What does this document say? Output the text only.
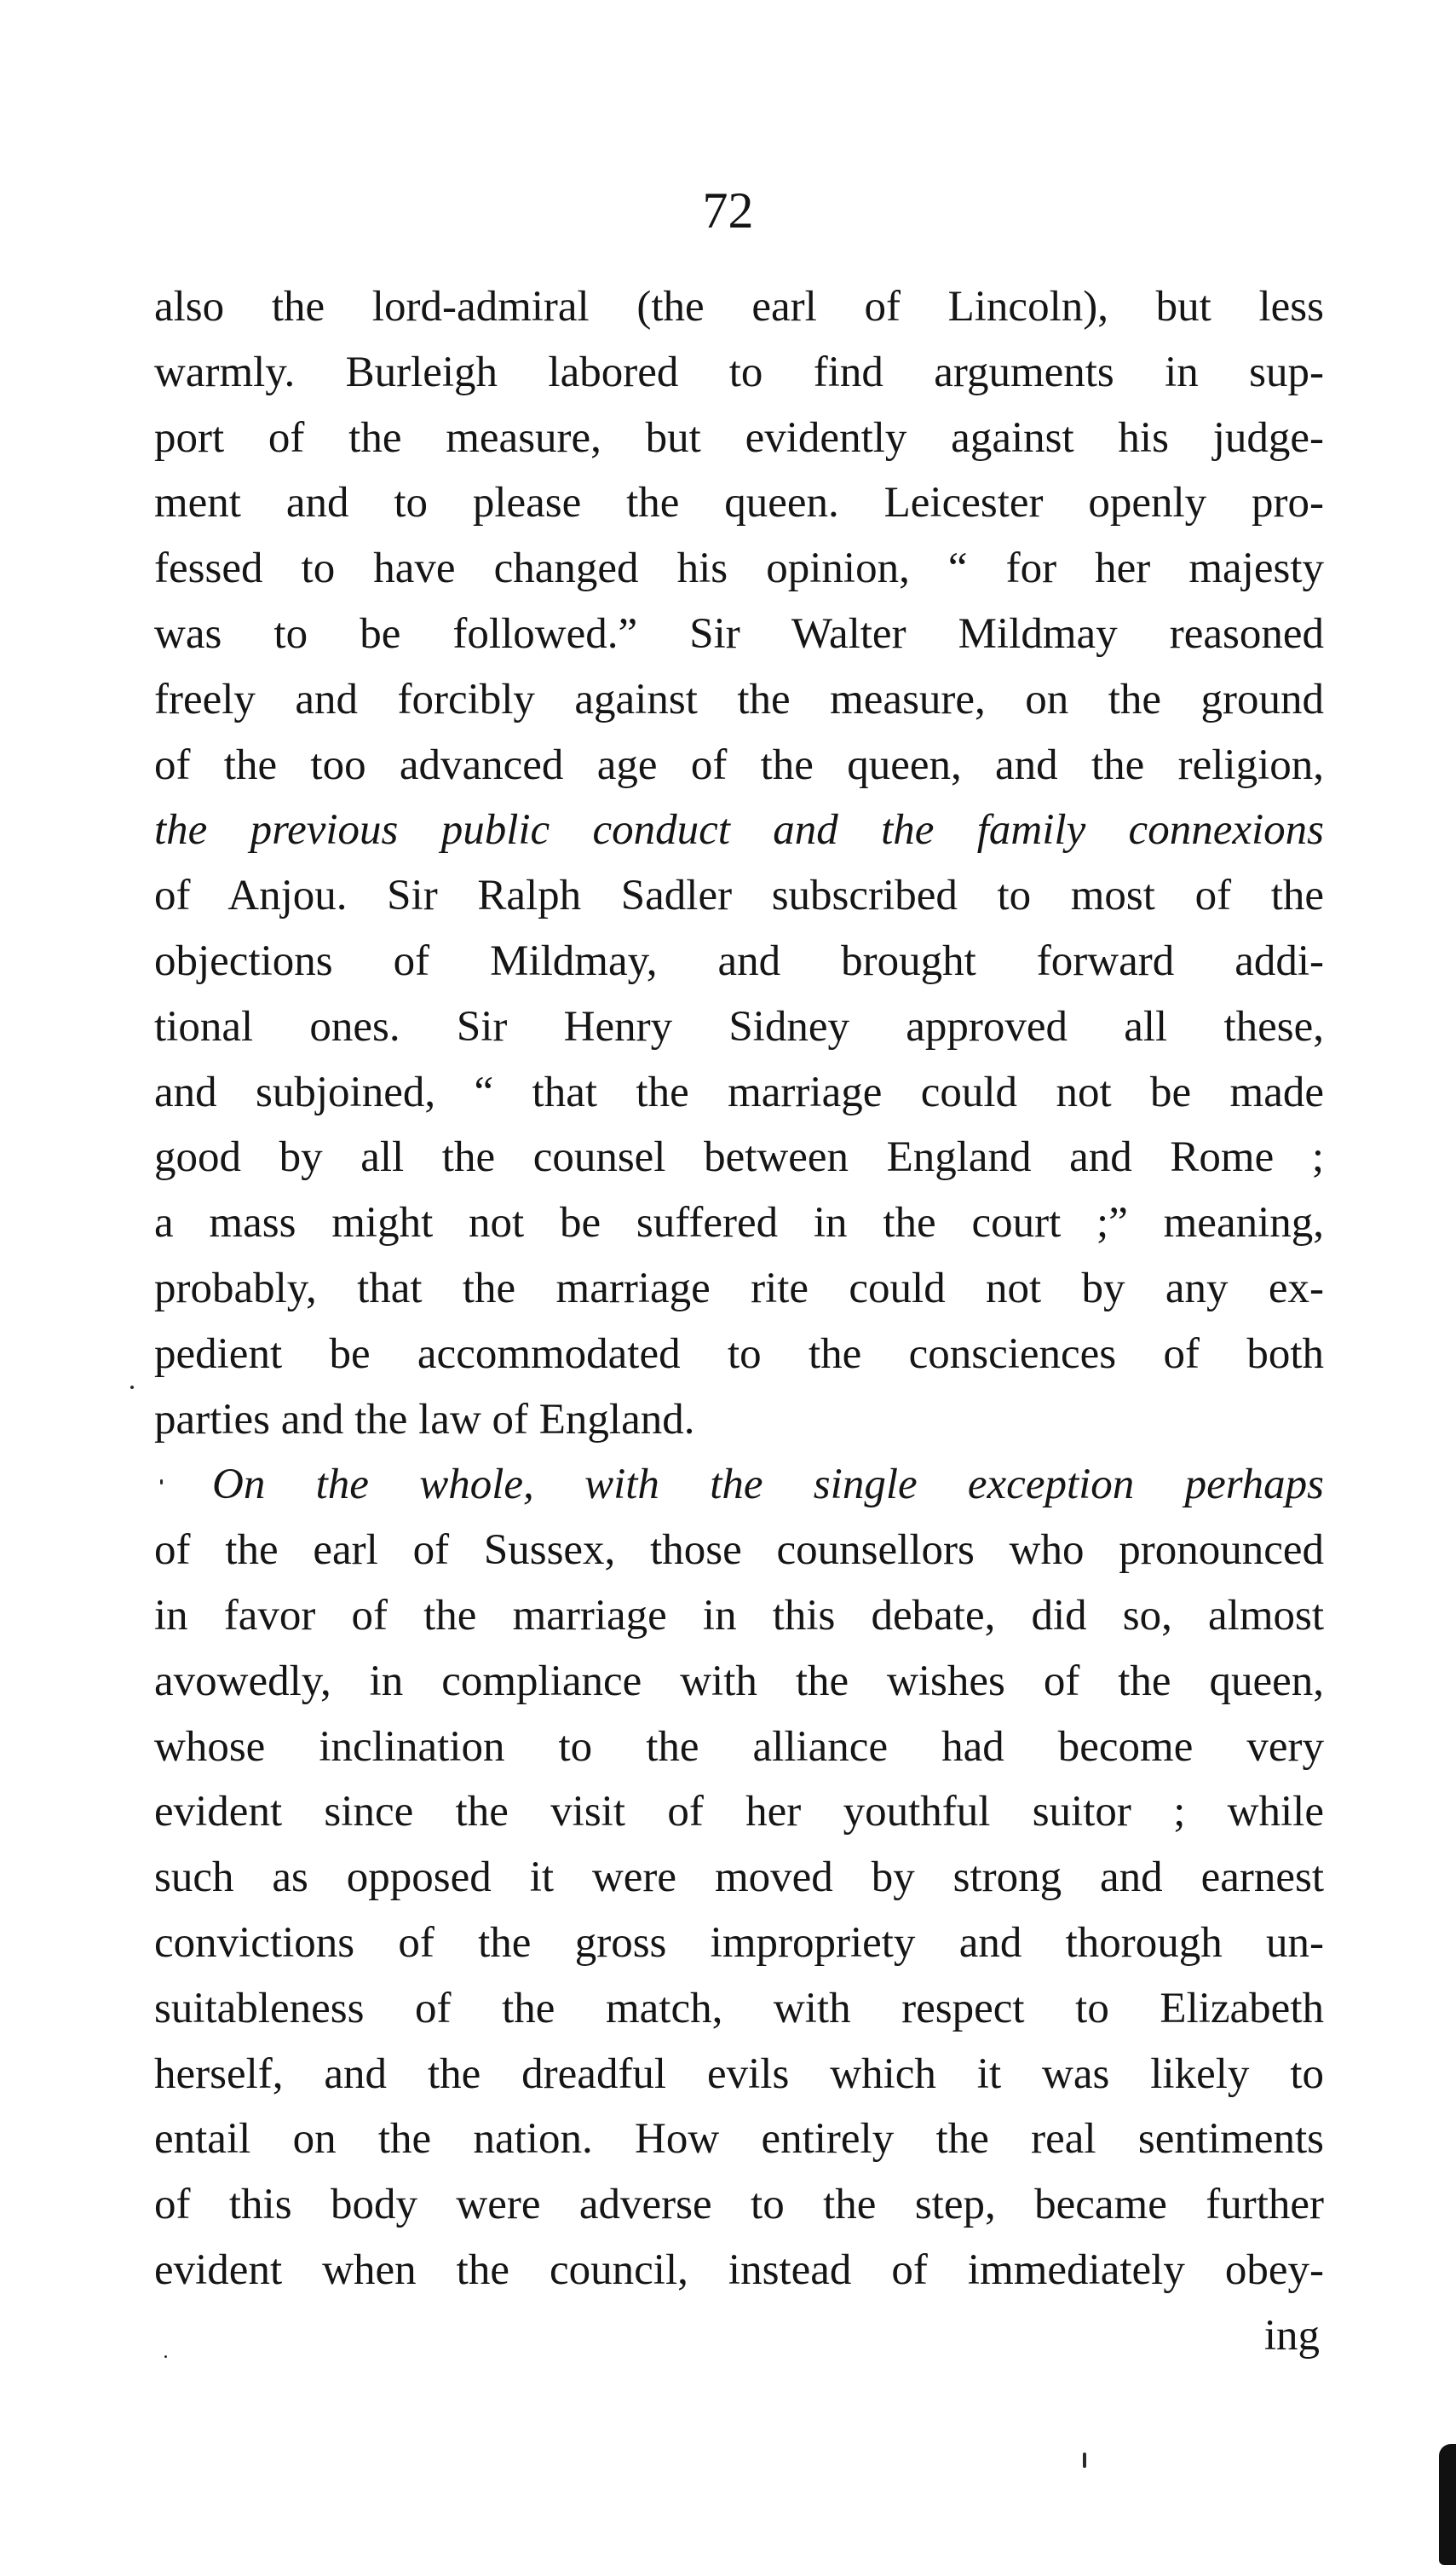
72
also the lord-admiral (the earl of Lincoln), but less
warmly. Burleigh labored to find arguments in sup-
port of the measure, but evidently against his judge-
ment and to please the queen. Leicester openly pro-
fessed to have changed his opinion, “ for her majesty
was to be followed.” Sir Walter Mildmay reasoned
freely and forcibly against the measure, on the ground
of the too advanced age of the queen, and the religion,
the previous public conduct and the family connexions
of Anjou. Sir Ralph Sadler subscribed to most of the
objections of Mildmay, and brought forward addi-
tional ones. Sir Henry Sidney approved all these,
and subjoined, “ that the marriage could not be made
good by all the counsel between England and Rome ;
a mass might not be suffered in the court ;” meaning,
probably, that the marriage rite could not by any ex-
pedient be accommodated to the consciences of both
parties and the law of England.
On the whole, with the single exception perhaps
of the earl of Sussex, those counsellors who pronounced
in favor of the marriage in this debate, did so, almost
avowedly, in compliance with the wishes of the queen,
whose inclination to the alliance had become very
evident since the visit of her youthful suitor ; while
such as opposed it were moved by strong and earnest
convictions of the gross impropriety and thorough un-
suitableness of the match, with respect to Elizabeth
herself, and the dreadful evils which it was likely to
entail on the nation. How entirely the real sentiments
of this body were adverse to the step, became further
evident when the council, instead of immediately obey-
ing
